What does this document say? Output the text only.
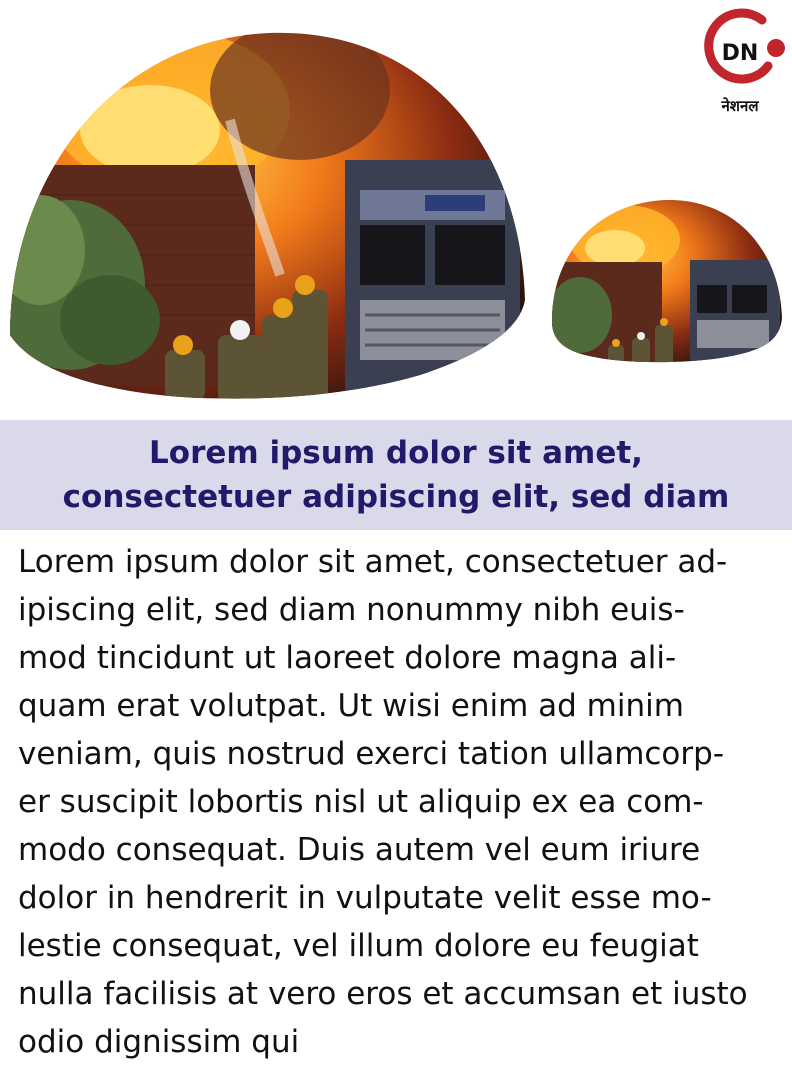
DN
नेशनल
Lorem ipsum dolor sit amet,
consectetuer adipiscing elit, sed diam
Lorem ipsum dolor sit amet, consectetuer ad-
ipiscing elit, sed diam nonummy nibh euis-
mod tincidunt ut laoreet dolore magna ali-
quam erat volutpat. Ut wisi enim ad minim
veniam, quis nostrud exerci tation ullamcorp-
er suscipit lobortis nisl ut aliquip ex ea com-
modo consequat. Duis autem vel eum iriure
dolor in hendrerit in vulputate velit esse mo-
lestie consequat, vel illum dolore eu feugiat
nulla facilisis at vero eros et accumsan et iusto
odio dignissim qui
